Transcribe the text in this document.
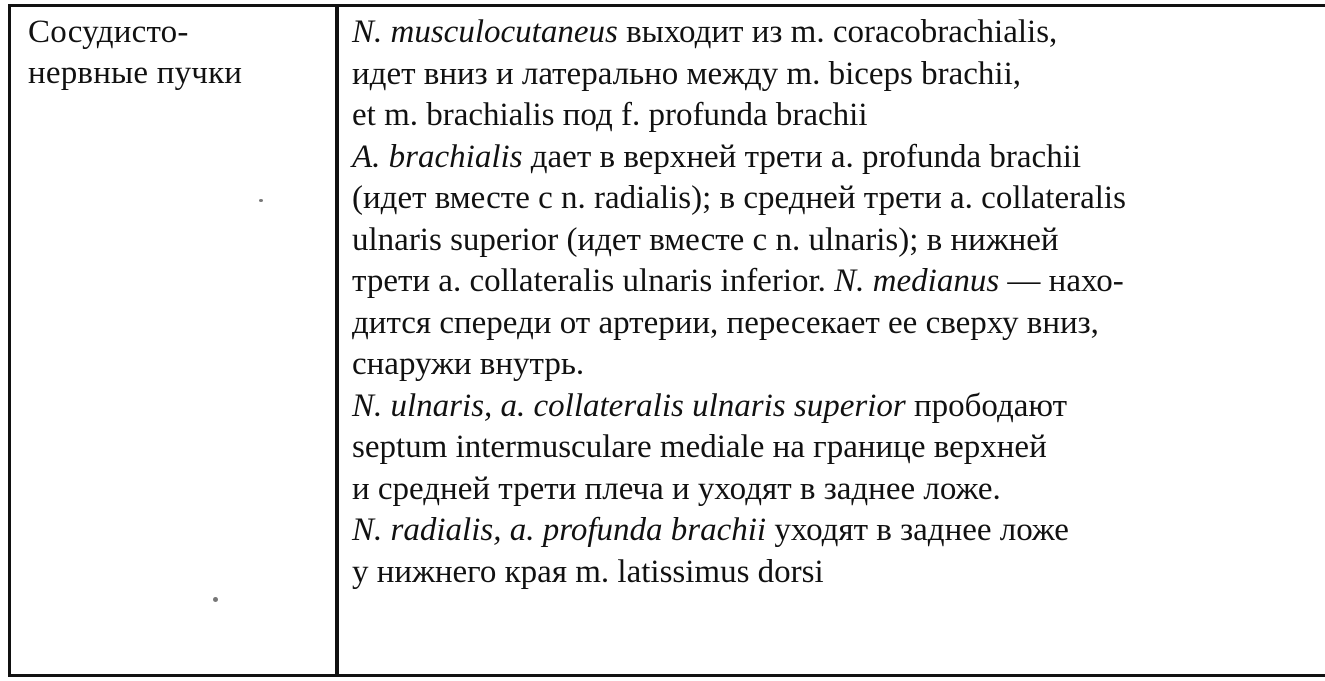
Сосудисто-
нервные пучки
N. musculocutaneus выходит из m. coracobrachialis,
идет вниз и латерально между m. biceps brachii,
et m. brachialis под f. profunda brachii
A. brachialis дает в верхней трети a. profunda brachii
(идет вместе с n. radialis); в средней трети a. collateralis
ulnaris superior (идет вместе с n. ulnaris); в нижней
трети a. collateralis ulnaris inferior. N. medianus — нахо-
дится спереди от артерии, пересекает ее сверху вниз,
снаружи внутрь.
N. ulnaris, a. collateralis ulnaris superior прободают
septum intermusculare mediale на границе верхней
и средней трети плеча и уходят в заднее ложе.
N. radialis, a. profunda brachii уходят в заднее ложе
у нижнего края m. latissimus dorsi
